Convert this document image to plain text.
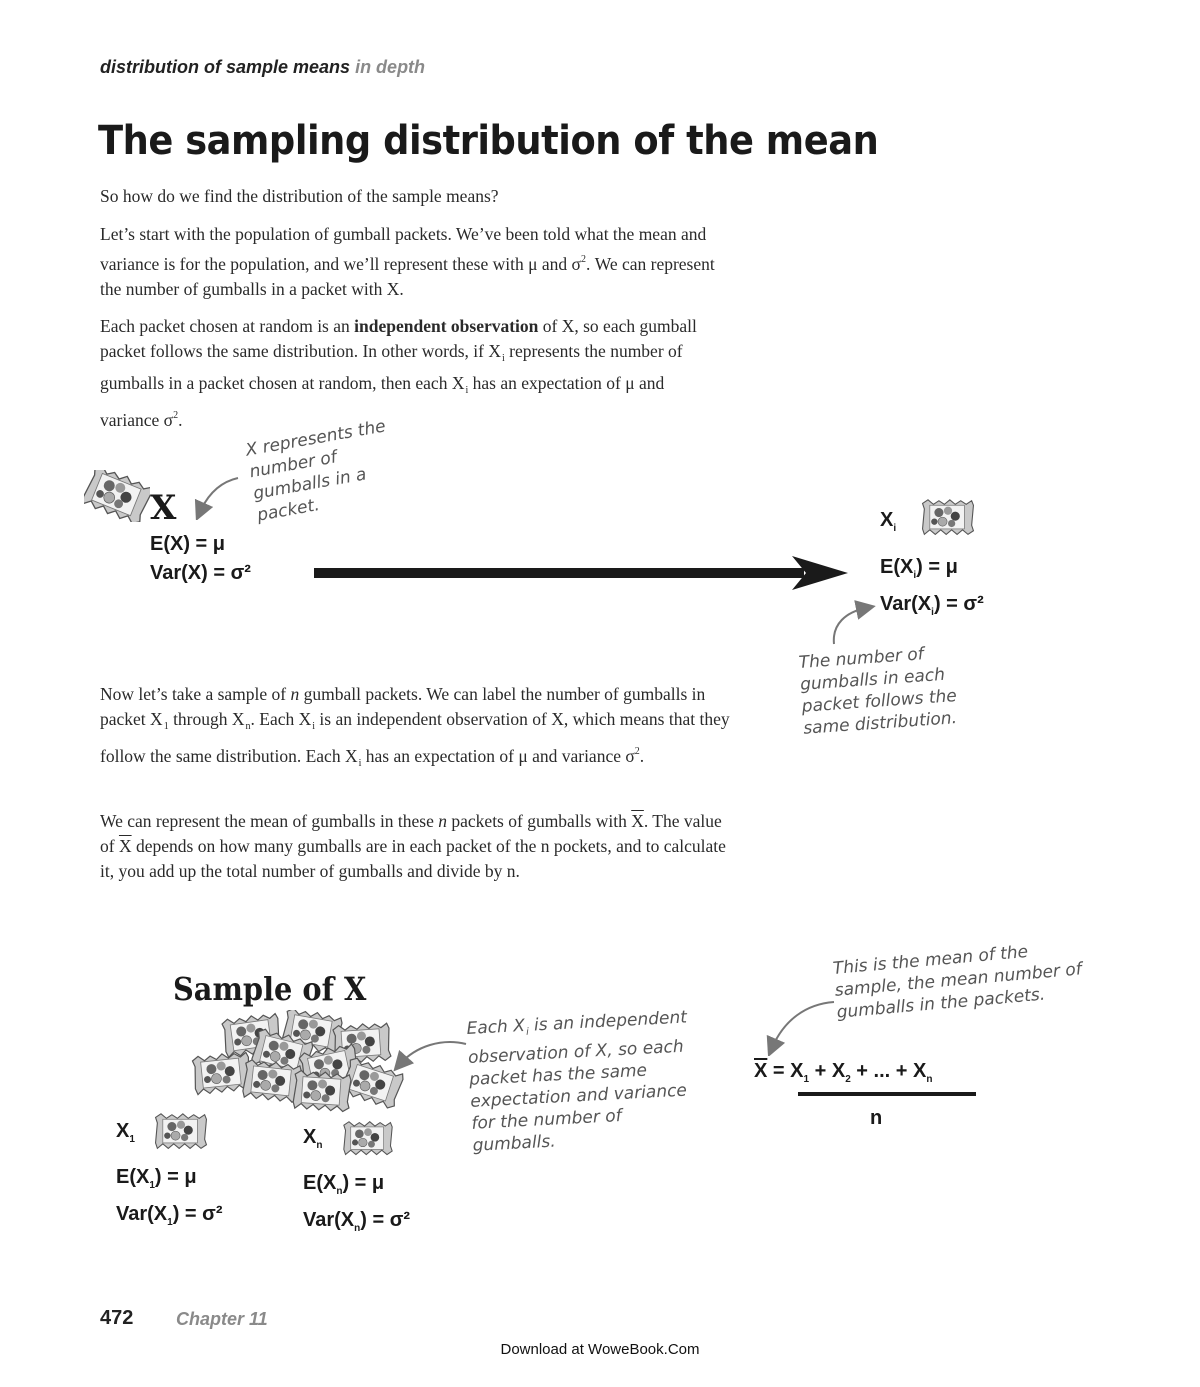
distribution of sample means in depth
The sampling distribution of the mean

So how do we find the distribution of the sample means?

Let’s start with the population of gumball packets. We’ve been told what the mean and variance is for the population, and we’ll represent these with μ and $\sigma^2$. We can represent the number of gumballs in a packet with X.

Each packet chosen at random is an independent observation of X, so each gumball packet follows the same distribution. In other words, if $X_i$ represents the number of gumballs in a packet chosen at random, then each $X_i$ has an expectation of μ and variance $\sigma^2$.

X
E(X) = μ
Var(X) = σ²
X represents the number of gumballs in a packet.	$X_i$
$E(X_i) = \mu$
$Var(X_i) = \sigma^2$
The number of gumballs in each packet follows the same distribution.

Now let’s take a sample of n gumball packets. We can label the number of gumballs in packet $X_1$ through $X_n$. Each $X_i$ is an independent observation of X, which means that they follow the same distribution. Each $X_i$ has an expectation of μ and variance $\sigma^2$.

We can represent the mean of gumballs in these n packets of gumballs with $\overline{X}$. The value of $\overline{X}$ depends on how many gumballs are in each packet of the n pockets, and to calculate it, you add up the total number of gumballs and divide by n.

Sample of X
Each $X_i$ is an independent observation of X, so each packet has the same expectation and variance for the number of gumballs.
$X_1$
$E(X_1) = \mu$
$Var(X_1) = \sigma^2$
$X_n$
$E(X_n) = \mu$
$Var(X_n) = \sigma^2$
This is the mean of the sample, the mean number of gumballs in the packets.
$\overline{X} = X_1 + X_2$ + ... + $X_n$
n
472 Chapter 11
Download at WoweBook.Com
